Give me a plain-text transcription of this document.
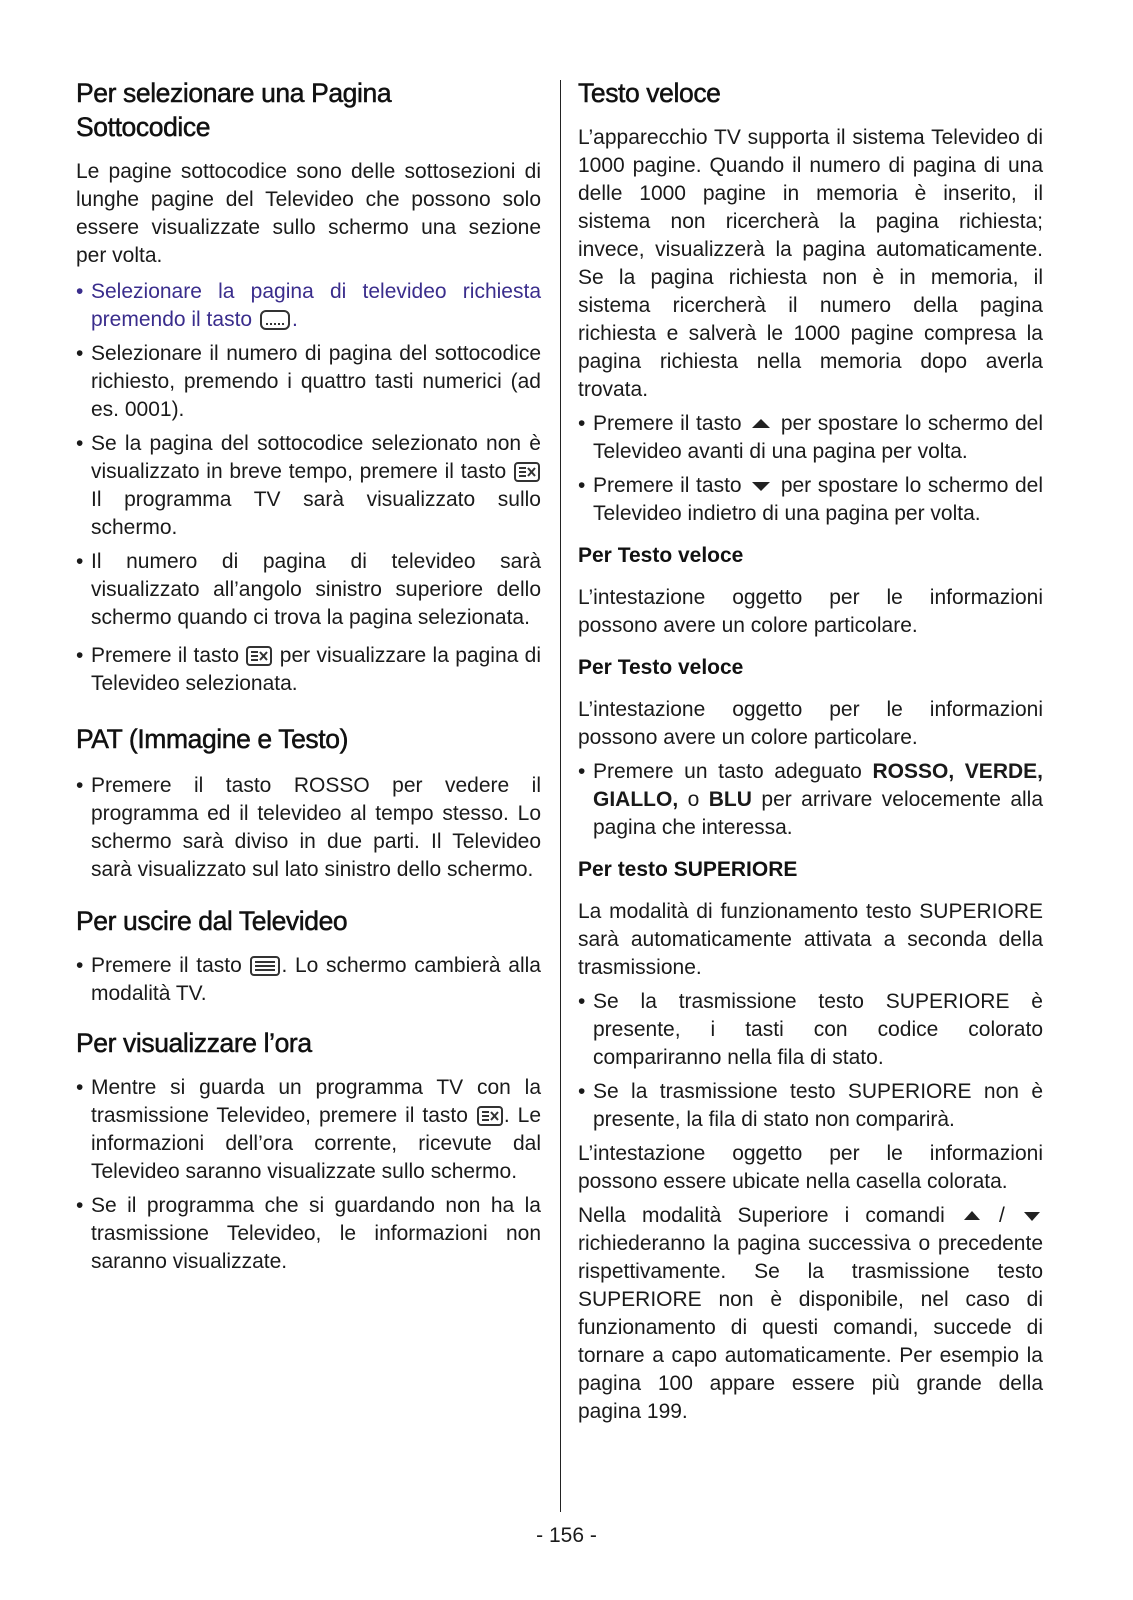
Per selezionare una Pagina Sottocodice

Le pagine sottocodice sono delle sottosezioni di lunghe pagine del Televideo che possono solo essere visualizzate sullo schermo una sezione per volta.

• Selezionare la pagina di televideo richiesta premendo il tasto .
• Selezionare il numero di pagina del sottocodice richiesto, premendo i quattro tasti numerici (ad es. 0001).
• Se la pagina del sottocodice selezionato non è visualizzato in breve tempo, premere il tasto  Il programma TV sarà visualizzato sullo schermo.
• Il numero di pagina di televideo sarà visualizzato all’angolo sinistro superiore dello schermo quando ci trova la pagina selezionata.
• Premere il tasto per visualizzare la pagina di Televideo selezionata.
PAT (Immagine e Testo)
• Premere il tasto ROSSO per vedere il programma ed il televideo al tempo stesso. Lo schermo sarà diviso in due parti. Il Televideo sarà visualizzato sul lato sinistro dello schermo.
Per uscire dal Televideo
• Premere il tasto . Lo schermo cambierà alla modalità TV.
Per visualizzare l’ora
• Mentre si guarda un programma TV con la trasmissione Televideo, premere il tasto . Le informazioni dell’ora corrente, ricevute dal Televideo saranno visualizzate sullo schermo.
• Se il programma che si guardando non ha la trasmissione Televideo, le informazioni non saranno visualizzate.
Testo veloce

L’apparecchio TV supporta il sistema Televideo di 1000 pagine. Quando il numero di pagina di una delle 1000 pagine in memoria è inserito, il sistema non ricercherà la pagina richiesta; invece, visualizzerà la pagina automaticamente. Se la pagina richiesta non è in memoria, il sistema ricercherà il numero della pagina richiesta e salverà le 1000 pagine compresa la pagina richiesta nella memoria dopo averla trovata.

• Premere il tasto per spostare lo schermo del Televideo avanti di una pagina per volta.
• Premere il tasto per spostare lo schermo del Televideo indietro di una pagina per volta.
Per Testo veloce

L’intestazione oggetto per le informazioni possono avere un colore particolare.

Per Testo veloce

L’intestazione oggetto per le informazioni possono avere un colore particolare.

• Premere un tasto adeguato ROSSO, VERDE, GIALLO, o BLU per arrivare velocemente alla pagina che interessa.
Per testo SUPERIORE

La modalità di funzionamento testo SUPERIORE sarà automaticamente attivata a seconda della trasmissione.

• Se la trasmissione testo SUPERIORE è presente, i tasti con codice colorato compariranno nella fila di stato.
• Se la trasmissione testo SUPERIORE non è presente, la fila di stato non comparirà.

L’intestazione oggetto per le informazioni possono essere ubicate nella casella colorata.

Nella modalità Superiore i comandi	/  richiederanno la pagina successiva o precedente rispettivamente. Se la trasmissione testo SUPERIORE non è disponibile, nel caso di funzionamento di questi comandi, succede di tornare a capo automaticamente. Per esempio la pagina 100 appare essere più grande della pagina 199.

- 156 -
